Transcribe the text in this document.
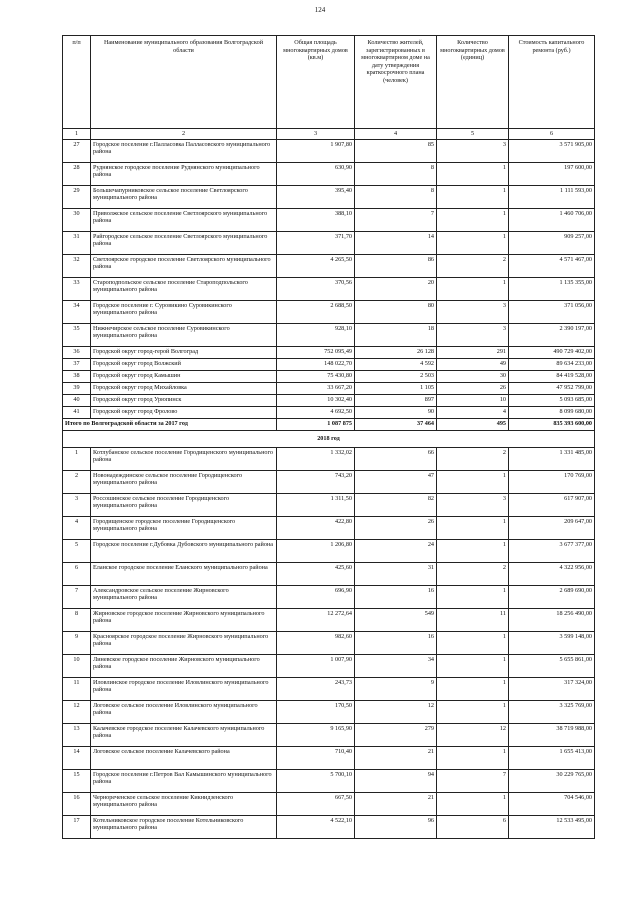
124
п/п	Наименование муниципального образования Волгоградской области	Общая площадь многоквартирных домов (кв.м)	Количество жителей, зарегистрированных в многоквартирном доме на дату утверждения краткосрочного плана (человек)	Количество многоквартирных домов (единиц)	Стоимость капитального ремонта (руб.)
1	2	3	4	5	6
27	Городское поселение г.Палласовка Палласовского муниципального района	1 907,80	85	3	3 571 905,00
28	Руднянское городское поселение Руднянского муниципального района	630,90	8	1	197 600,00
29	Большечапурниковское сельское поселение Светлоярского муниципального района	395,40	8	1	1 111 593,00
30	Приволжское сельское поселение Светлоярского муниципального района	388,10	7	1	1 460 706,00
31	Райгородское сельское поселение Светлоярского муниципального района	371,70	14	1	909 257,00
32	Светлоярское городское поселение Светлоярского муниципального района	4 265,50	86	2	4 571 467,00
33	Староподпольское сельское поселение Староподпольского муниципального района	370,56	20	1	1 135 355,00
34	Городское поселение г. Суровикино Суровикинского муниципального района	2 688,50	80	3	371 056,00
35	Нижнечирское сельское поселение Суровикинского муниципального района	928,10	18	3	2 390 197,00
36	Городской округ город-герой Волгоград	752 095,49	26 128	291	490 729 402,00
37	Городской округ город Волжский	148 022,70	4 592	49	89 634 233,00
38	Городской округ город Камышин	75 430,80	2 503	30	84 419 528,00
39	Городской округ город Михайловка	33 667,20	1 105	26	47 952 799,00
40	Городской округ город Урюпинск	10 302,40	897	10	5 093 685,00
41	Городской округ город Фролово	4 692,50	90	4	8 099 680,00
Итого по Волгоградской области за 2017 год		1 087 875	37 464	495	835 393 600,00
2018 год					
1	Котлубанское сельское поселение Городищенского муниципального района	1 332,02	66	2	1 331 485,00
2	Новонадеждинское сельское поселение Городищенского муниципального района	743,20	47	1	170 769,00
3	Россошинское сельское поселение Городищенского муниципального района	1 311,50	82	3	617 907,00
4	Городищенское городское поселение Городищенского муниципального района	422,80	26	1	209 647,00
5	Городское поселение г.Дубовка Дубовского муниципального района	1 206,80	24	1	3 677 377,00
6	Еланское городское поселение Еланского муниципального района	425,60	31	2	4 322 956,00
7	Александровское сельское поселение Жирновского муниципального района	696,90	16	1	2 689 690,00
8	Жирновское городское поселение Жирновского муниципального района	12 272,64	549	11	18 256 490,00
9	Красноярское городское поселение Жирновского муниципального района	982,60	16	1	3 599 148,00
10	Линевское городское поселение Жирновского муниципального района	1 007,90	34	1	5 655 861,00
11	Иловлинское городское поселение Иловлинского муниципального района	243,73	9	1	317 324,00
12	Логовское сельское поселение Иловлинского муниципального района	170,50	12	1	3 325 769,00
13	Калачевское городское поселение Калачевского муниципального района	9 165,90	279	12	38 719 988,00
14	Логовское сельское поселение Калачевского района	710,40	21	1	1 655 413,00
15	Городское поселение г.Петров Вал Камышинского муниципального района	5 700,10	94	7	30 229 765,00
16	Чернореченское сельское поселение Кикнидзенского муниципального района	667,50	21	1	704 546,00
17	Котельниковское городское поселение Котельниковского муниципального района	4 522,10	96	6	12 533 495,00
